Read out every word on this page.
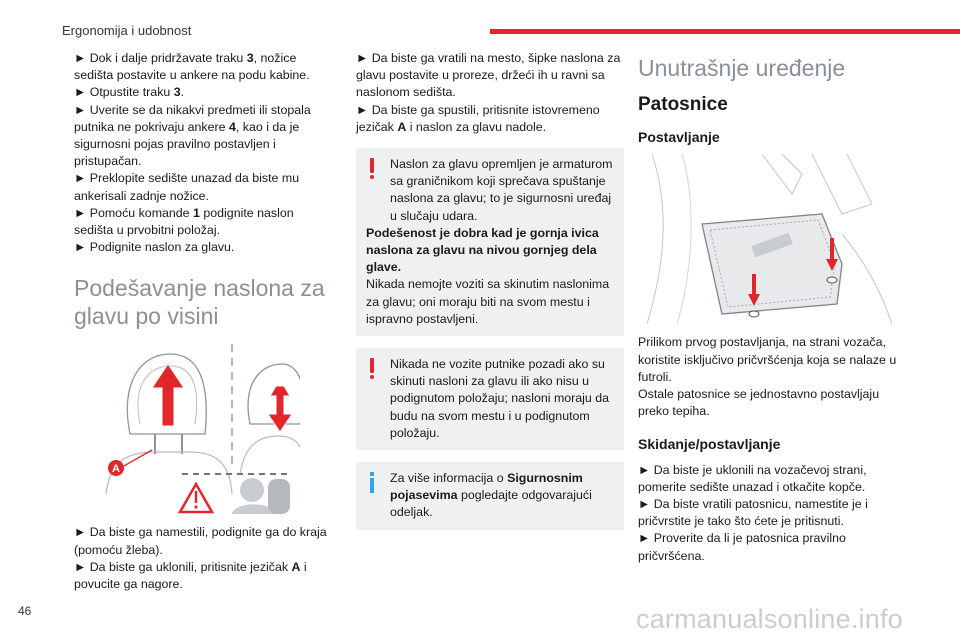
Ergonomija i udobnost
► Dok i dalje pridržavate traku 3, nožice sedišta postavite u ankere na podu kabine.
► Otpustite traku 3.
► Uverite se da nikakvi predmeti ili stopala putnika ne pokrivaju ankere 4, kao i da je sigurnosni pojas pravilno postavljen i pristupačan.
► Preklopite sedište unazad da biste mu ankerisali zadnje nožice.
► Pomoću komande 1 podignite naslon sedišta u prvobitni položaj.
► Podignite naslon za glavu.
Podešavanje naslona za glavu po visini
A
► Da biste ga namestili, podignite ga do kraja (pomoću žleba).
► Da biste ga uklonili, pritisnite jezičak A i povucite ga nagore.
► Da biste ga vratili na mesto, šipke naslona za glavu postavite u proreze, držeći ih u ravni sa naslonom sedišta.
► Da biste ga spustili, pritisnite istovremeno jezičak A i naslon za glavu nadole.
Naslon za glavu opremljen je armaturom sa graničnikom koji sprečava spuštanje naslona za glavu; to je sigurnosni uređaj u slučaju udara.
Podešenost je dobra kad je gornja ivica naslona za glavu na nivou gornjeg dela glave.
Nikada nemojte voziti sa skinutim naslonima za glavu; oni moraju biti na svom mestu i ispravno postavljeni.
Nikada ne vozite putnike pozadi ako su skinuti nasloni za glavu ili ako nisu u podignutom položaju; nasloni moraju da budu na svom mestu i u podignutom položaju.
Za više informacija o Sigurnosnim pojasevima pogledajte odgovarajući odeljak.
Unutrašnje uređenje
Patosnice
Postavljanje
Prilikom prvog postavljanja, na strani vozača, koristite isključivo pričvršćenja koja se nalaze u futroli.
Ostale patosnice se jednostavno postavljaju preko tepiha.
Skidanje/postavljanje
► Da biste je uklonili na vozačevoj strani, pomerite sedište unazad i otkačite kopče.
► Da biste vratili patosnicu, namestite je i pričvrstite je tako što ćete je pritisnuti.
► Proverite da li je patosnica pravilno pričvršćena.
46	carmanualsonline.info
